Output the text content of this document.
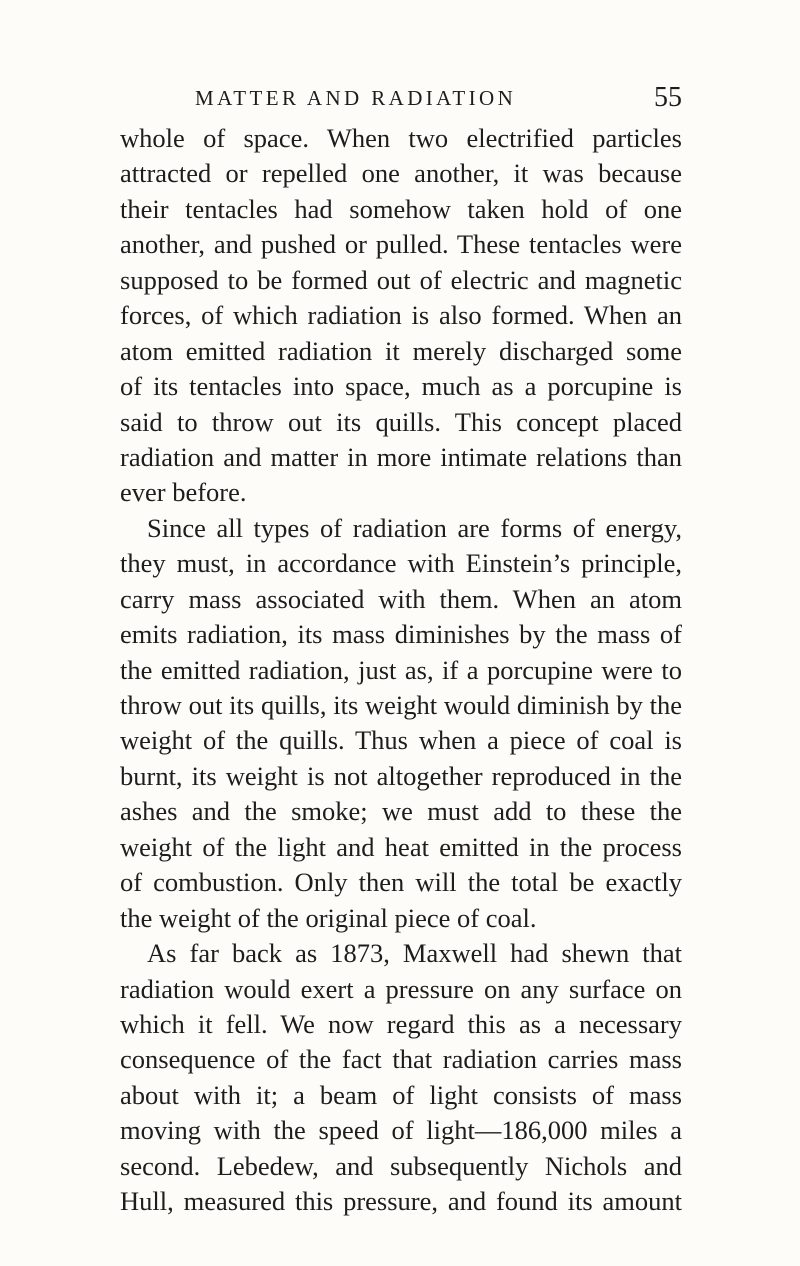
MATTER AND RADIATION	55
whole of space. When two electrified particles
attracted or repelled one another, it was because
their tentacles had somehow taken hold of one
another, and pushed or pulled. These tentacles were
supposed to be formed out of electric and magnetic
forces, of which radiation is also formed. When an
atom emitted radiation it merely discharged some
of its tentacles into space, much as a porcupine is
said to throw out its quills. This concept placed
radiation and matter in more intimate relations than
ever before.
Since all types of radiation are forms of energy,
they must, in accordance with Einstein’s principle,
carry mass associated with them. When an atom
emits radiation, its mass diminishes by the mass of
the emitted radiation, just as, if a porcupine were to
throw out its quills, its weight would diminish by the
weight of the quills. Thus when a piece of coal is
burnt, its weight is not altogether reproduced in the
ashes and the smoke; we must add to these the
weight of the light and heat emitted in the process
of combustion. Only then will the total be exactly
the weight of the original piece of coal.
As far back as 1873, Maxwell had shewn that
radiation would exert a pressure on any surface on
which it fell. We now regard this as a necessary
consequence of the fact that radiation carries mass
about with it; a beam of light consists of mass
moving with the speed of light—186,000 miles a
second. Lebedew, and subsequently Nichols and
Hull, measured this pressure, and found its amount
